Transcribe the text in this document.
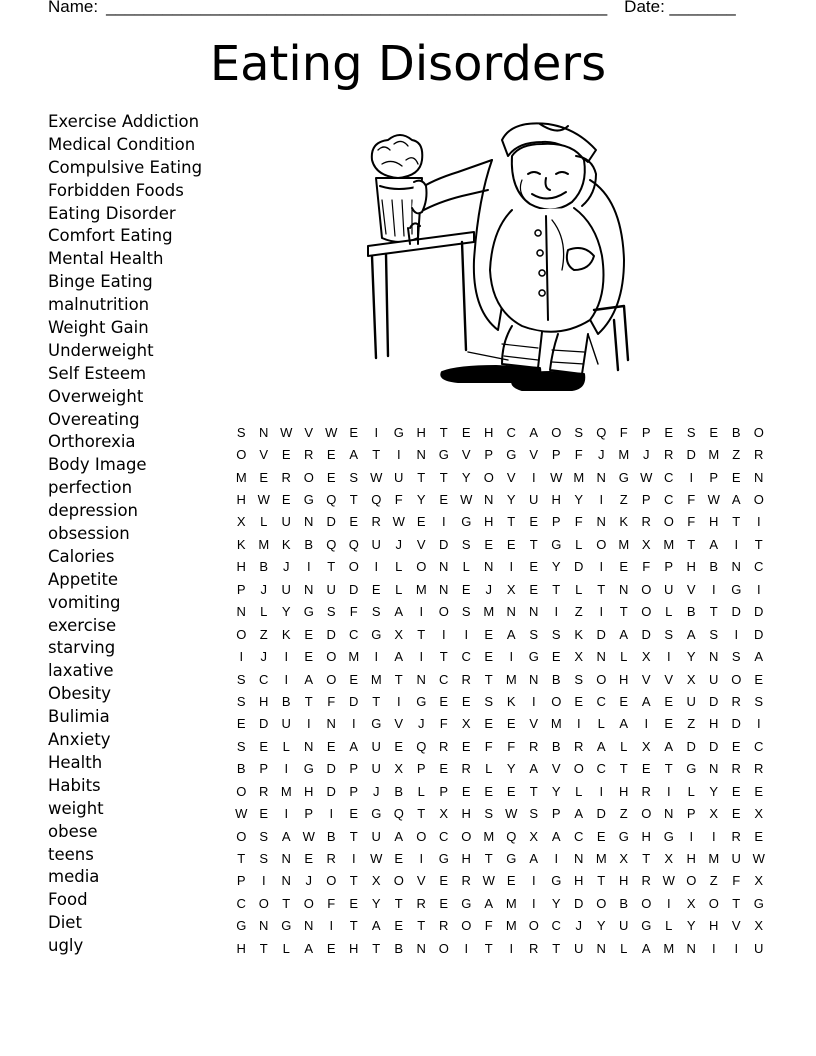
Name: _____________________________________________________ Date: _______
Eating Disorders
Exercise Addiction
Medical Condition
Compulsive Eating
Forbidden Foods
Eating Disorder
Comfort Eating
Mental Health
Binge Eating
malnutrition
Weight Gain
Underweight
Self Esteem
Overweight
Overeating
Orthorexia
Body Image
perfection
depression
obsession
Calories
Appetite
vomiting
exercise
starving
laxative
Obesity
Bulimia
Anxiety
Health
Habits
weight
obese
teens
media
Food
Diet
ugly
S	N W V W E	I	G H	T	E	H	C	A	O	S	Q	F	P	E	S	E	B	O
O	V	E	R	E	A	T	I	N G	V	P	G	V	P	F	J	M	J	R	D M	Z	R
M E	R O	E	S W U	T	T	Y	O	V	I	W M N G W C	I	P	E	N
H W E	G Q	T	Q	F	Y	E W N	Y	U	H	Y	I	Z	P	C	F W A	O
X	L	U	N	D	E	R W E	I	G H	T	E	P	F	N	K	R O	F	H	T	I
K M K	B	Q Q U	J	V	D	S	E	E	T	G	L	O M X M	T	A	I	T
H	B	J	I	T	O	I	L	O N	L	N	I	E	Y	D	I	E	F	P	H	B	N	C
P	J	U	N	U	D	E	L	M N	E	J	X	E	T	L	T	N O U	V	I	G	I
N	L	Y	G	S	F	S	A	I	O	S M N	N	I	Z	I	T	O	L	B	T	D	D
O	Z	K	E	D	C G	X	T	I	I	E	A	S	S	K	D	A	D	S	A	S	I	D
I	J	I	E	O M	I	A	I	T	C	E	I	G	E	X	N	L	X	I	Y	N	S	A
S	C	I	A	O	E M	T	N	C	R	T	M N	B	S	O H	V	V	X	U O	E
S	H	B	T	F	D	T	I	G	E	E	S	K	I	O	E	C	E	A	E	U	D	R	S
E	D	U	I	N	I	G	V	J	F	X	E	E	V M	I	L	A	I	E	Z	H	D	I
S	E	L	N	E	A	U	E	Q R	E	F	F	R	B	R	A	L	X	A	D	D	E	C
B	P	I	G D	P	U	X	P	E	R	L	Y	A	V	O C	T	E	T	G N	R	R
O R M H	D	P	J	B	L	P	E	E	E	T	Y	L	I	H	R	I	L	Y	E	E
W E	I	P	I	E	G Q	T	X	H	S W S	P	A	D	Z	O N	P	X	E	X
O	S	A W B	T	U	A	O C O M Q	X	A	C	E	G H G	I	I	R	E
T	S	N	E	R	I	W E	I	G H	T	G	A	I	N M X	T	X	H M U W
P	I	N	J	O	T	X	O	V	E	R W E	I	G H	T	H	R W O	Z	F	X
C O	T	O	F	E	Y	T	R	E	G	A M	I	Y	D O	B	O	I	X	O	T	G
G N G N	I	T	A	E	T	R O	F	M O C	J	Y	U G	L	Y	H	V	X
H	T	L	A	E	H	T	B	N O	I	T	I	R	T	U	N	L	A M N	I	I	U
